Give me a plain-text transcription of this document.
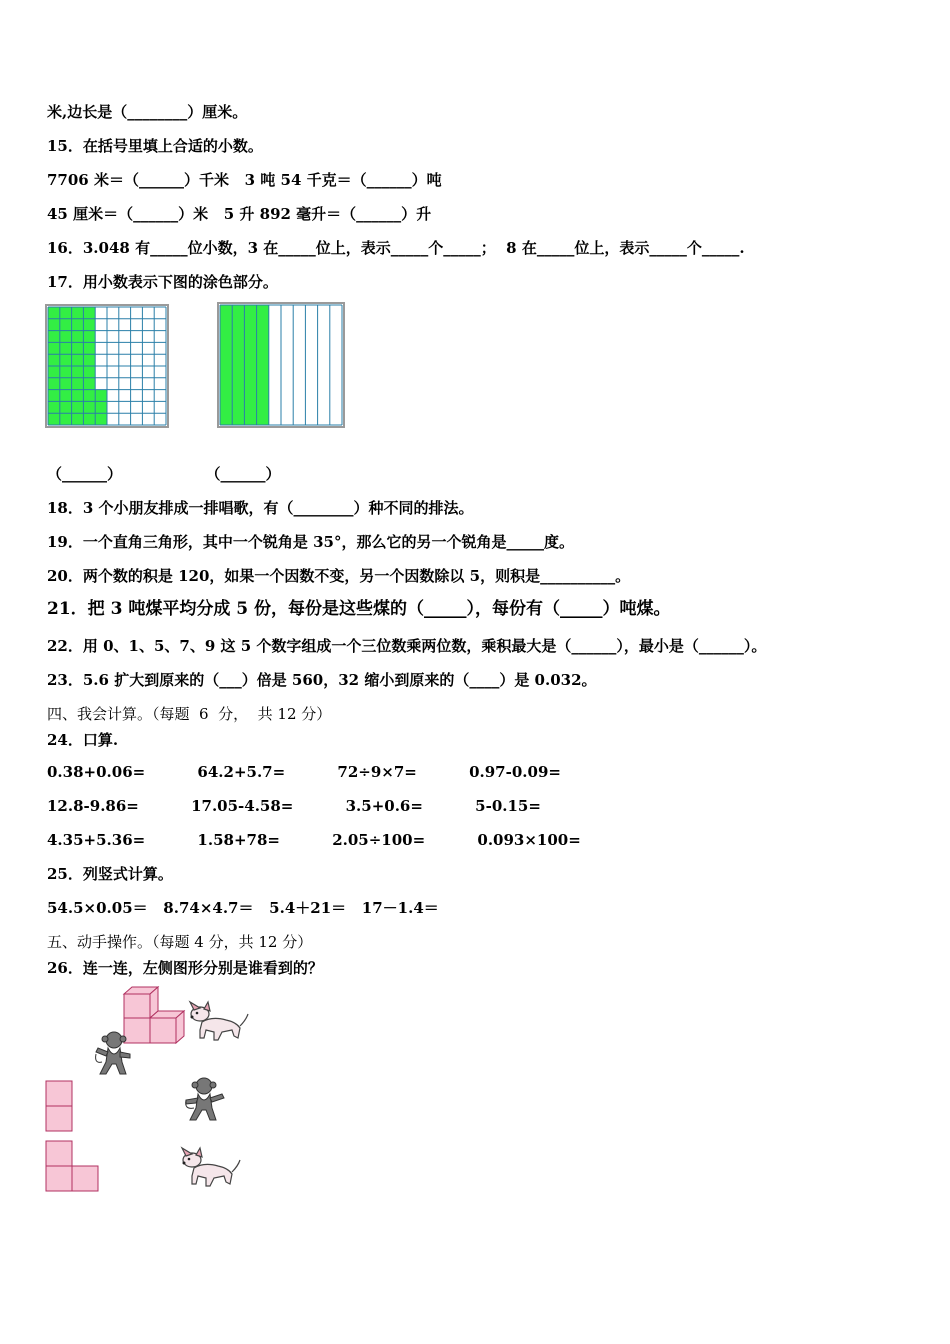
米,边长是（________）厘米。
15．在括号里填上合适的小数。
7706 米＝（______）千米   3 吨 54 千克＝（______）吨
45 厘米＝（______）米   5 升 892 毫升＝（______）升
16．3.048 有_____位小数，3 在_____位上，表示_____个_____；  8 在_____位上，表示_____个_____.
17．用小数表示下图的涂色部分。
（______）                （______）
18．3 个小朋友排成一排唱歌，有（________）种不同的排法。
19．一个直角三角形，其中一个锐角是 35°，那么它的另一个锐角是_____度。
20．两个数的积是 120，如果一个因数不变，另一个因数除以 5，则积是__________。
21．把 3 吨煤平均分成 5 份，每份是这些煤的（_____），每份有（_____）吨煤。
22．用 0、1、5、7、9 这 5 个数字组成一个三位数乘两位数，乘积最大是（______），最小是（______）。
23．5.6 扩大到原来的（___）倍是 560，32 缩小到原来的（____）是 0.032。
四、我会计算。（每题  6  分，  共 12 分）
24．口算.
0.38+0.06=          64.2+5.7=          72÷9×7=          0.97-0.09=
12.8-9.86=          17.05-4.58=          3.5+0.6=          5-0.15=
4.35+5.36=          1.58+78=          2.05÷100=          0.093×100=
25．列竖式计算。
54.5×0.05＝   8.74×4.7＝   5.4＋21＝   17－1.4＝
五、动手操作。（每题 4 分，共 12 分）
26．连一连，左侧图形分别是谁看到的？
